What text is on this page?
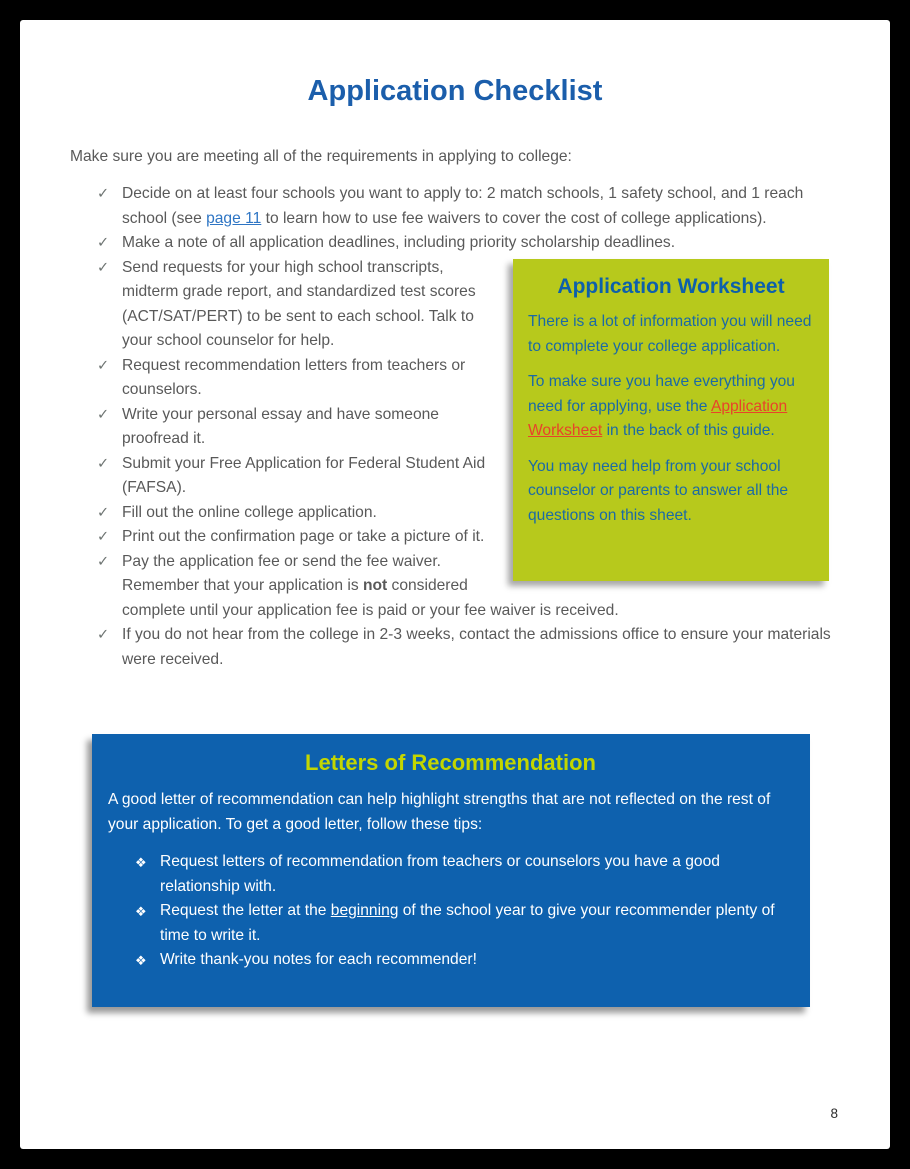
Application Checklist

Make sure you are meeting all of the requirements in applying to college:

✓ Decide on at least four schools you want to apply to: 2 match schools, 1 safety school, and 1 reach school (see page 11 to learn how to use fee waivers to cover the cost of college applications).
✓ Make a note of all application deadlines, including priority scholarship deadlines.
Application Worksheet

There is a lot of information you will need to complete your college application.

To make sure you have everything you need for applying, use the Application Worksheet in the back of this guide.

You may need help from your school counselor or parents to answer all the questions on this sheet.

✓ Send requests for your high school transcripts, midterm grade report, and standardized test scores (ACT/SAT/PERT) to be sent to each school. Talk to your school counselor for help.
✓ Request recommendation letters from teachers or counselors.
✓ Write your personal essay and have someone proofread it.
✓ Submit your Free Application for Federal Student Aid (FAFSA).
✓ Fill out the online college application.
✓ Print out the confirmation page or take a picture of it.
✓ Pay the application fee or send the fee waiver. Remember that your application is not considered complete until your application fee is paid or your fee waiver is received.
✓ If you do not hear from the college in 2-3 weeks, contact the admissions office to ensure your materials were received.
Letters of Recommendation

A good letter of recommendation can help highlight strengths that are not reflected on the rest of your application. To get a good letter, follow these tips:

❖ Request letters of recommendation from teachers or counselors you have a good relationship with.
❖ Request the letter at the beginning of the school year to give your recommender plenty of time to write it.
❖ Write thank-you notes for each recommender!
8
